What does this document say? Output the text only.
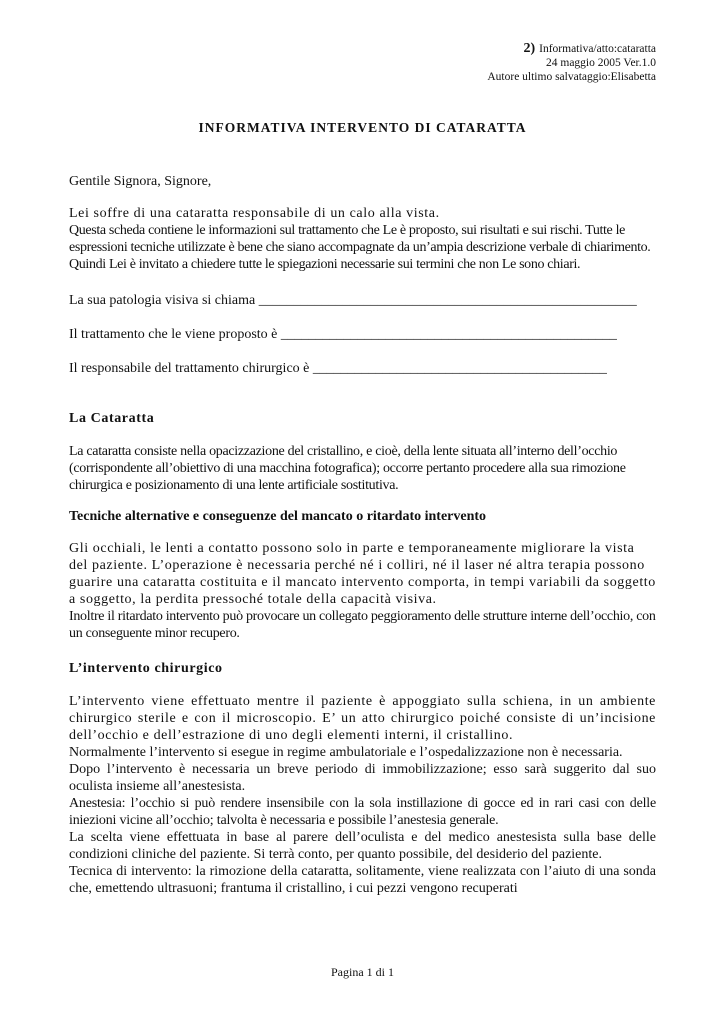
2) Informativa/atto:cataratta
24 maggio 2005 Ver.1.0
Autore ultimo salvataggio:Elisabetta
INFORMATIVA INTERVENTO DI CATARATTA

Gentile Signora, Signore,

Lei soffre di una cataratta responsabile di un calo alla vista.

Questa scheda contiene le informazioni sul trattamento che Le è proposto, sui risultati e sui rischi. Tutte le espressioni tecniche utilizzate è bene che siano accompagnate da un’ampia descrizione verbale di chiarimento. Quindi Lei è invitato a chiedere tutte le spiegazioni necessarie sui termini che non Le sono chiari.

La sua patologia visiva si chiama ______________________________________________________

Il trattamento che le viene proposto è ________________________________________________

Il responsabile del trattamento chirurgico è __________________________________________

La Cataratta

La cataratta consiste nella opacizzazione del cristallino, e cioè, della lente situata all’interno dell’occhio (corrispondente all’obiettivo di una macchina fotografica); occorre pertanto procedere alla sua rimozione chirurgica e posizionamento di una lente artificiale sostitutiva.

Tecniche alternative e conseguenze del mancato o ritardato intervento

Gli occhiali, le lenti a contatto possono solo in parte e temporaneamente migliorare la vista del paziente. L’operazione è necessaria perché né i colliri, né il laser né altra terapia possono guarire una cataratta costituita e il mancato intervento comporta, in tempi variabili da soggetto a soggetto, la perdita pressoché totale della capacità visiva.

Inoltre il ritardato intervento può provocare un collegato peggioramento delle strutture interne dell’occhio, con un conseguente minor recupero.

L’intervento chirurgico

L’intervento viene effettuato mentre il paziente è appoggiato sulla schiena, in un ambiente chirurgico sterile e con il microscopio. E’ un atto chirurgico poiché consiste di un’incisione dell’occhio e dell’estrazione di uno degli elementi interni, il cristallino.

Normalmente l’intervento si esegue in regime ambulatoriale e l’ospedalizzazione non è necessaria.

Dopo l’intervento è necessaria un breve periodo di immobilizzazione; esso sarà suggerito dal suo oculista insieme all’anestesista.

Anestesia: l’occhio si può rendere insensibile con la sola instillazione di gocce ed in rari casi con delle iniezioni vicine all’occhio; talvolta è necessaria e possibile l’anestesia generale.

La scelta viene effettuata in base al parere dell’oculista e del medico anestesista sulla base delle condizioni cliniche del paziente. Si terrà conto, per quanto possibile, del desiderio del paziente.

Tecnica di intervento: la rimozione della cataratta, solitamente, viene realizzata con l’aiuto di una sonda che, emettendo ultrasuoni; frantuma il cristallino, i cui pezzi vengono recuperati

Pagina 1 di 1
